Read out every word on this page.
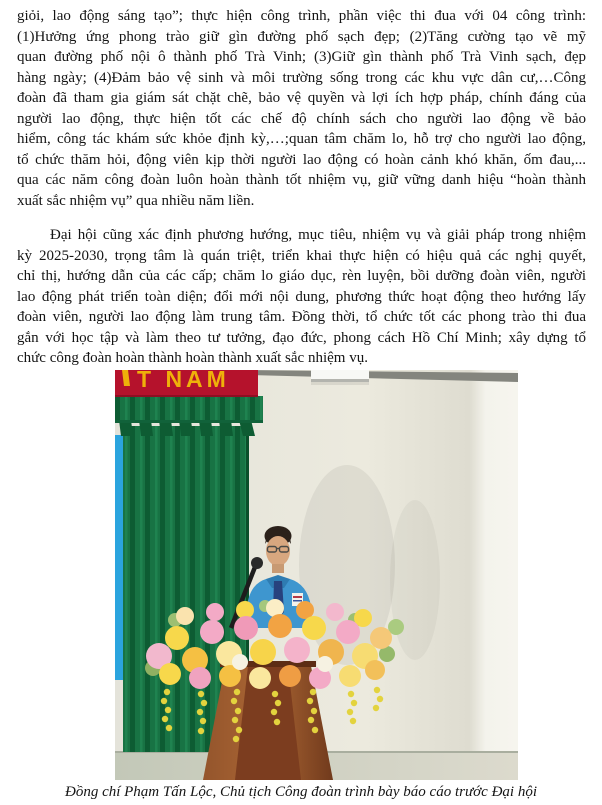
giỏi, lao động sáng tạo”; thực hiện công trình, phần việc thi đua với 04 công trình:
(1)Hưởng ứng phong trào giữ gìn đường phố sạch đẹp; (2)Tăng cường tạo vẽ mỹ
quan đường phố nội ô thành phố Trà Vinh; (3)Giữ gìn thành phố Trà Vinh sạch, đẹp
hàng ngày; (4)Đảm bảo vệ sinh và môi trường sống trong các khu vực dân cư,…Công
đoàn đã tham gia giám sát chặt chẽ, bảo vệ quyền và lợi ích hợp pháp, chính đáng của
người lao động, thực hiện tốt các chế độ chính sách cho người lao động về bảo
hiểm, công tác khám sức khỏe định kỳ,…;quan tâm chăm lo, hỗ trợ cho người lao động,
tổ chức thăm hỏi, động viên kịp thời người lao động có hoàn cảnh khó khăn, ốm đau,...
qua các năm công đoàn luôn hoàn thành tốt nhiệm vụ, giữ vững danh hiệu “hoàn thành
xuất sắc nhiệm vụ” qua nhiều năm liền.
Đại hội cũng xác định phương hướng, mục tiêu, nhiệm vụ và giải pháp trong nhiệm
kỳ 2025-2030, trọng tâm là quán triệt, triển khai thực hiện có hiệu quả các nghị quyết,
chỉ thị, hướng dẫn của các cấp; chăm lo giáo dục, rèn luyện, bồi dưỡng đoàn viên, người
lao động phát triển toàn diện; đổi mới nội dung, phương thức hoạt động theo hướng lấy
đoàn viên, người lao động làm trung tâm. Đồng thời, tổ chức tốt các phong trào thi đua
gắn với học tập và làm theo tư tưởng, đạo đức, phong cách Hồ Chí Minh; xây dựng tổ
chức công đoàn hoàn thành hoàn thành xuất sắc nhiệm vụ.
T NAM
Đồng chí Phạm Tấn Lộc, Chủ tịch Công đoàn trình bày báo cáo trước Đại hội
